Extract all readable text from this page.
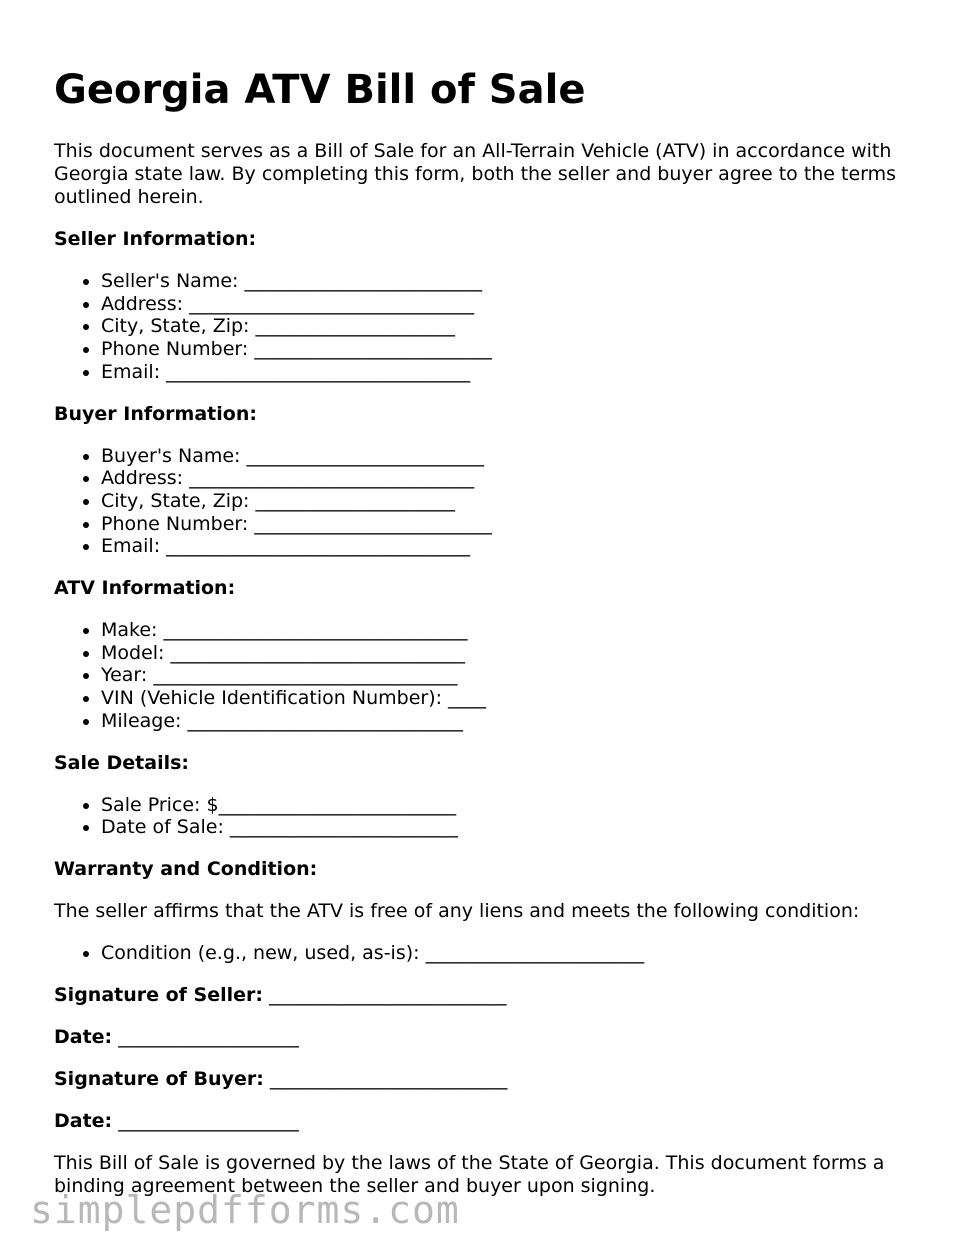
Georgia ATV Bill of Sale

This document serves as a Bill of Sale for an All-Terrain Vehicle (ATV) in accordance with Georgia state law. By completing this form, both the seller and buyer agree to the terms outlined herein.

Seller Information:
• Seller's Name: _________________________
• Address: ______________________________
• City, State, Zip: _____________________
• Phone Number: _________________________
• Email: ________________________________
Buyer Information:
• Buyer's Name: _________________________
• Address: ______________________________
• City, State, Zip: _____________________
• Phone Number: _________________________
• Email: ________________________________
ATV Information:
• Make: ________________________________
• Model: _______________________________
• Year: ________________________________
• VIN (Vehicle Identification Number): ____
• Mileage: _____________________________
Sale Details:
• Sale Price: $_________________________
• Date of Sale: ________________________
Warranty and Condition:

The seller affirms that the ATV is free of any liens and meets the following condition:

• Condition (e.g., new, used, as-is): _______________________
Signature of Seller: _________________________
Date: ___________________
Signature of Buyer: _________________________
Date: ___________________

This Bill of Sale is governed by the laws of the State of Georgia. This document forms a binding agreement between the seller and buyer upon signing.

simplepdfforms.com
